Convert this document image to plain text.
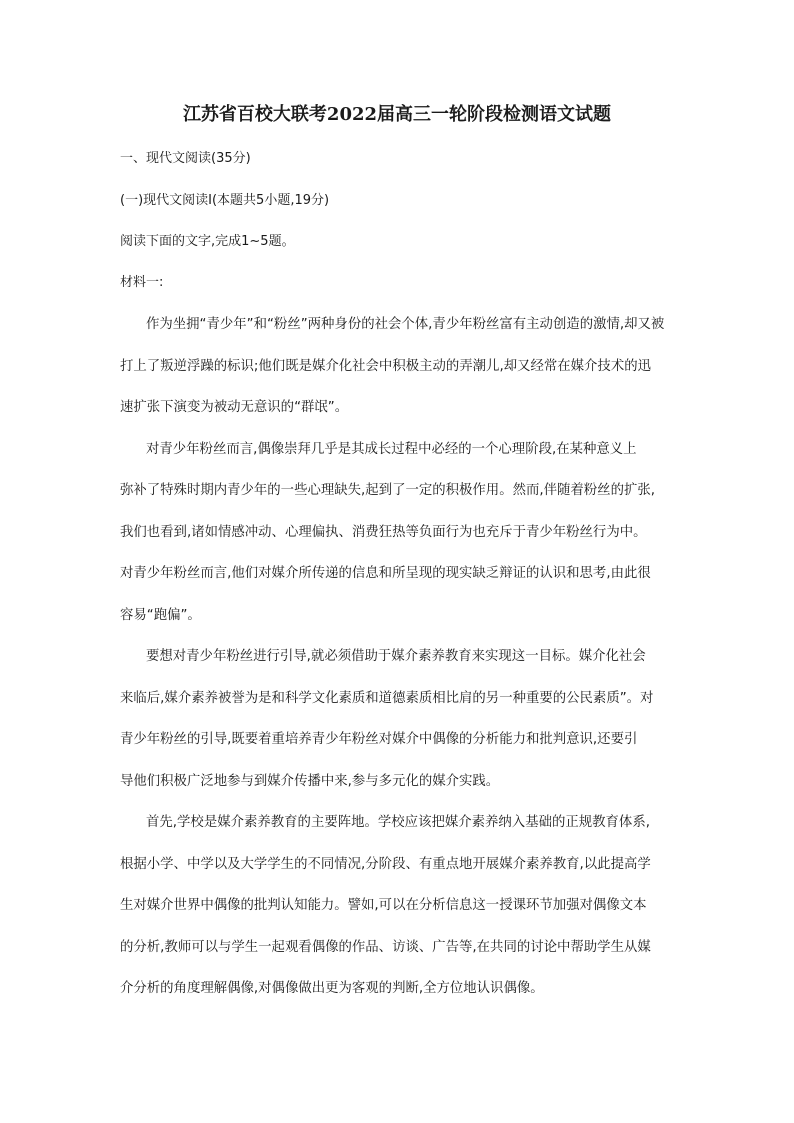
江苏省百校大联考2022届高三一轮阶段检测语文试题
一、现代文阅读(35分)
(一)现代文阅读I(本题共5小题,19分)
阅读下面的文字,完成1~5题。
材料一:
作为坐拥“青少年”和“粉丝”两种身份的社会个体,青少年粉丝富有主动创造的激情,却又被
打上了叛逆浮躁的标识;他们既是媒介化社会中积极主动的弄潮儿,却又经常在媒介技术的迅
速扩张下演变为被动无意识的“群氓”。
对青少年粉丝而言,偶像崇拜几乎是其成长过程中必经的一个心理阶段,在某种意义上
弥补了特殊时期内青少年的一些心理缺失,起到了一定的积极作用。然而,伴随着粉丝的扩张,
我们也看到,诸如情感冲动、心理偏执、消费狂热等负面行为也充斥于青少年粉丝行为中。
对青少年粉丝而言,他们对媒介所传递的信息和所呈现的现实缺乏辩证的认识和思考,由此很
容易“跑偏”。
要想对青少年粉丝进行引导,就必须借助于媒介素养教育来实现这一目标。媒介化社会
来临后,媒介素养被誉为是和科学文化素质和道德素质相比肩的另一种重要的公民素质”。对
青少年粉丝的引导,既要着重培养青少年粉丝对媒介中偶像的分析能力和批判意识,还要引
导他们积极广泛地参与到媒介传播中来,参与多元化的媒介实践。
首先,学校是媒介素养教育的主要阵地。学校应该把媒介素养纳入基础的正规教育体系,
根据小学、中学以及大学学生的不同情况,分阶段、有重点地开展媒介素养教育,以此提高学
生对媒介世界中偶像的批判认知能力。譬如,可以在分析信息这一授课环节加强对偶像文本
的分析,教师可以与学生一起观看偶像的作品、访谈、广告等,在共同的讨论中帮助学生从媒
介分析的角度理解偶像,对偶像做出更为客观的判断,全方位地认识偶像。
